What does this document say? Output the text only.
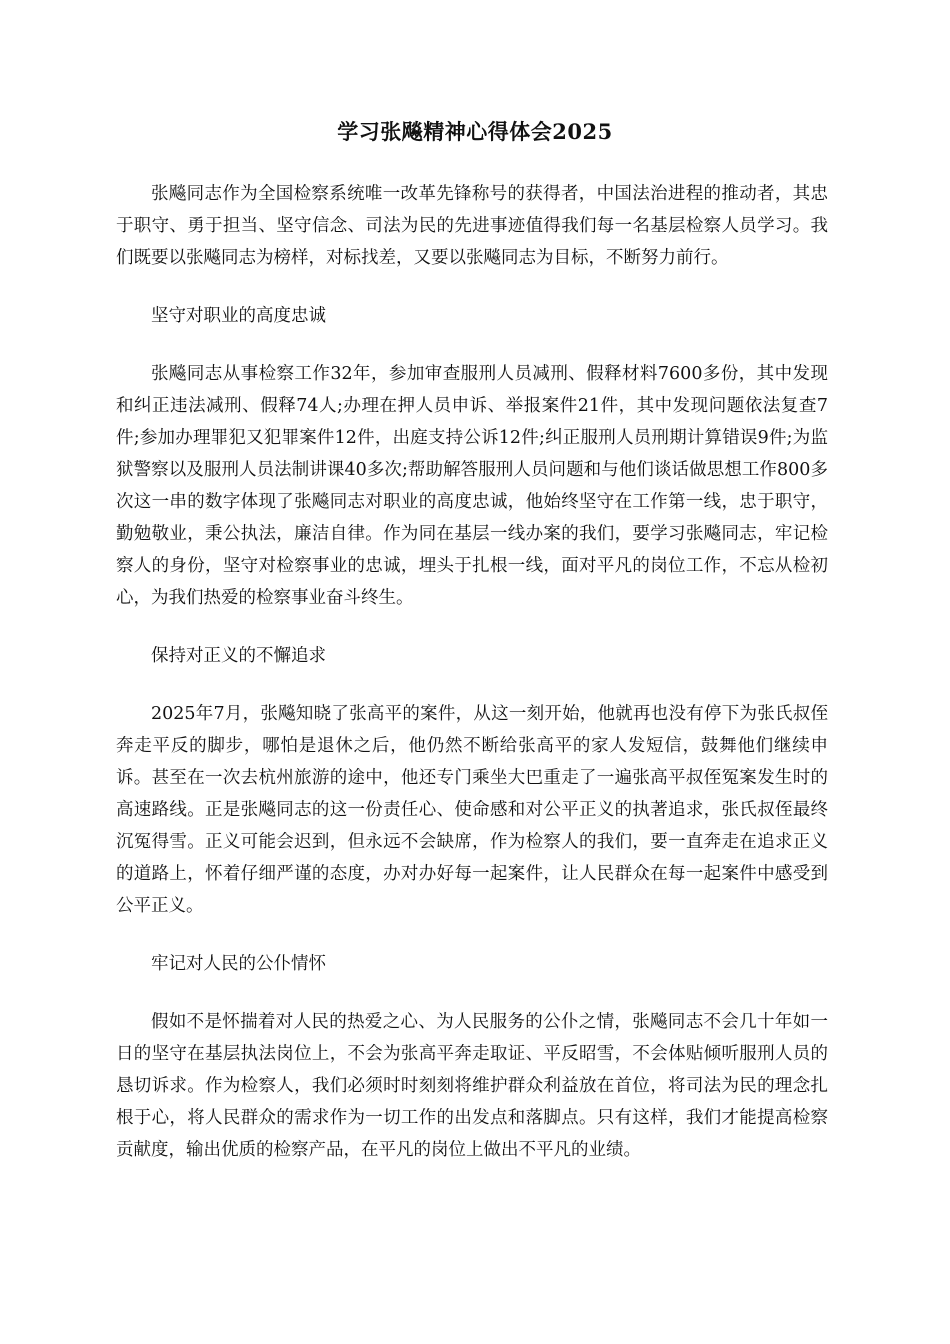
学习张飚精神心得体会2025

张飚同志作为全国检察系统唯一改革先锋称号的获得者，中国法治进程的推动者，其忠于职守、勇于担当、坚守信念、司法为民的先进事迹值得我们每一名基层检察人员学习。我们既要以张飚同志为榜样，对标找差，又要以张飚同志为目标，不断努力前行。

坚守对职业的高度忠诚

张飚同志从事检察工作32年，参加审查服刑人员减刑、假释材料7600多份，其中发现和纠正违法减刑、假释74人;办理在押人员申诉、举报案件21件，其中发现问题依法复查7件;参加办理罪犯又犯罪案件12件，出庭支持公诉12件;纠正服刑人员刑期计算错误9件;为监狱警察以及服刑人员法制讲课40多次;帮助解答服刑人员问题和与他们谈话做思想工作800多次这一串的数字体现了张飚同志对职业的高度忠诚，他始终坚守在工作第一线，忠于职守，勤勉敬业，秉公执法，廉洁自律。作为同在基层一线办案的我们，要学习张飚同志，牢记检察人的身份，坚守对检察事业的忠诚，埋头于扎根一线，面对平凡的岗位工作，不忘从检初心，为我们热爱的检察事业奋斗终生。

保持对正义的不懈追求

2025年7月，张飚知晓了张高平的案件，从这一刻开始，他就再也没有停下为张氏叔侄奔走平反的脚步，哪怕是退休之后，他仍然不断给张高平的家人发短信，鼓舞他们继续申诉。甚至在一次去杭州旅游的途中，他还专门乘坐大巴重走了一遍张高平叔侄冤案发生时的高速路线。正是张飚同志的这一份责任心、使命感和对公平正义的执著追求，张氏叔侄最终沉冤得雪。正义可能会迟到，但永远不会缺席，作为检察人的我们，要一直奔走在追求正义的道路上，怀着仔细严谨的态度，办对办好每一起案件，让人民群众在每一起案件中感受到公平正义。

牢记对人民的公仆情怀

假如不是怀揣着对人民的热爱之心、为人民服务的公仆之情，张飚同志不会几十年如一日的坚守在基层执法岗位上，不会为张高平奔走取证、平反昭雪，不会体贴倾听服刑人员的恳切诉求。作为检察人，我们必须时时刻刻将维护群众利益放在首位，将司法为民的理念扎根于心，将人民群众的需求作为一切工作的出发点和落脚点。只有这样，我们才能提高检察贡献度，输出优质的检察产品，在平凡的岗位上做出不平凡的业绩。
